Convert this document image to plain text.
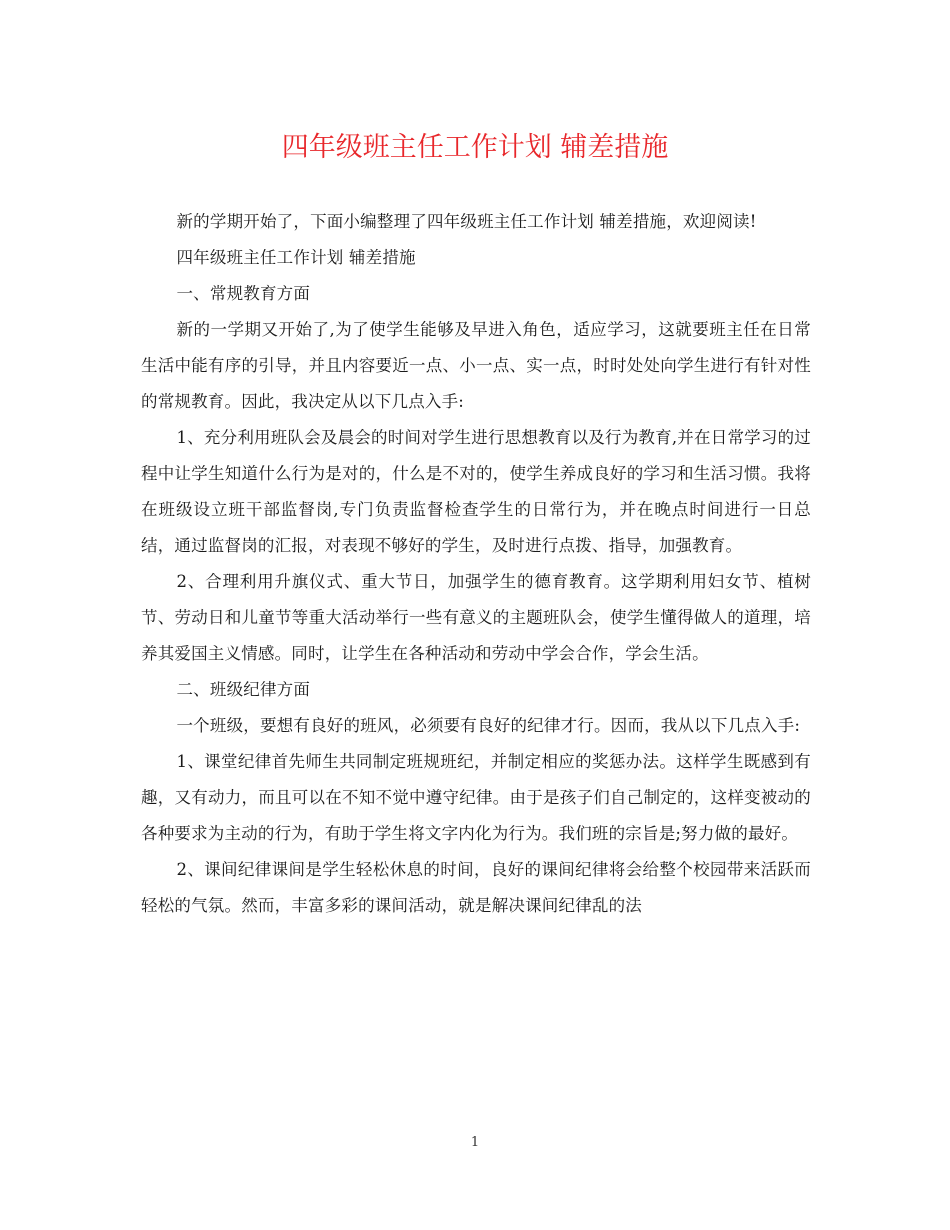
四年级班主任工作计划 辅差措施

新的学期开始了，下面小编整理了四年级班主任工作计划 辅差措施，欢迎阅读!

四年级班主任工作计划 辅差措施

一、常规教育方面

新的一学期又开始了,为了使学生能够及早进入角色，适应学习，这就要班主任在日常生活中能有序的引导，并且内容要近一点、小一点、实一点，时时处处向学生进行有针对性的常规教育。因此，我决定从以下几点入手:

1、充分利用班队会及晨会的时间对学生进行思想教育以及行为教育,并在日常学习的过程中让学生知道什么行为是对的，什么是不对的，使学生养成良好的学习和生活习惯。我将在班级设立班干部监督岗,专门负责监督检查学生的日常行为，并在晚点时间进行一日总结，通过监督岗的汇报，对表现不够好的学生，及时进行点拨、指导，加强教育。

2、合理利用升旗仪式、重大节日，加强学生的德育教育。这学期利用妇女节、植树节、劳动日和儿童节等重大活动举行一些有意义的主题班队会，使学生懂得做人的道理，培养其爱国主义情感。同时，让学生在各种活动和劳动中学会合作，学会生活。

二、班级纪律方面

一个班级，要想有良好的班风，必须要有良好的纪律才行。因而，我从以下几点入手:

1、课堂纪律首先师生共同制定班规班纪，并制定相应的奖惩办法。这样学生既感到有趣，又有动力，而且可以在不知不觉中遵守纪律。由于是孩子们自己制定的，这样变被动的各种要求为主动的行为，有助于学生将文字内化为行为。我们班的宗旨是;努力做的最好。

2、课间纪律课间是学生轻松休息的时间，良好的课间纪律将会给整个校园带来活跃而轻松的气氛。然而，丰富多彩的课间活动，就是解决课间纪律乱的法

1
